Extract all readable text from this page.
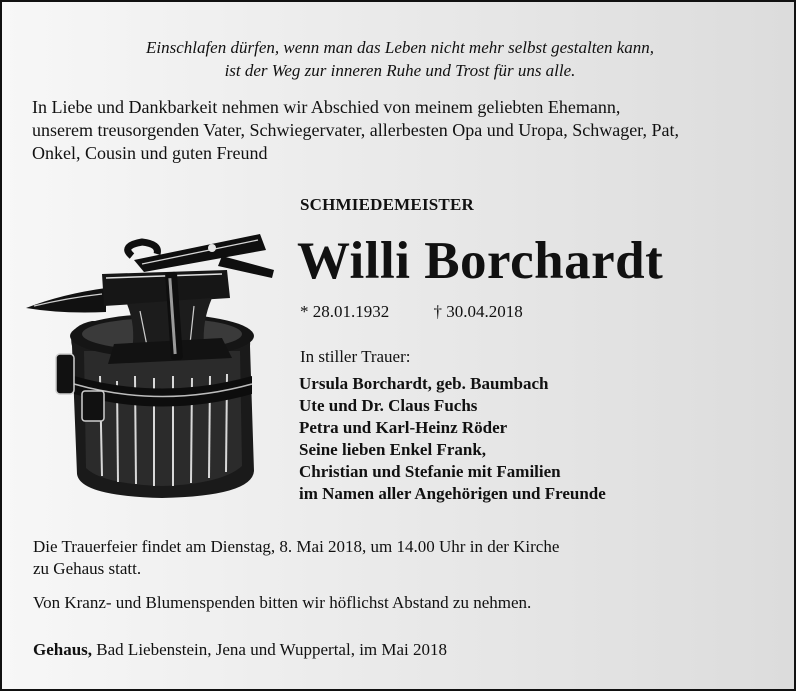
Einschlafen dürfen, wenn man das Leben nicht mehr selbst gestalten kann,
ist der Weg zur inneren Ruhe und Trost für uns alle.
In Liebe und Dankbarkeit nehmen wir Abschied von meinem geliebten Ehemann,
unserem treusorgenden Vater, Schwiegervater, allerbesten Opa und Uropa, Schwager, Pat,
Onkel, Cousin und guten Freund
SCHMIEDEMEISTER
Willi Borchardt
* 28.01.1932	† 30.04.2018
In stiller Trauer:
Ursula Borchardt, geb. Baumbach
Ute und Dr. Claus Fuchs
Petra und Karl-Heinz Röder
Seine lieben Enkel Frank,
Christian und Stefanie mit Familien
im Namen aller Angehörigen und Freunde
Die Trauerfeier findet am Dienstag, 8. Mai 2018, um 14.00 Uhr in der Kirche
zu Gehaus statt.
Von Kranz- und Blumenspenden bitten wir höflichst Abstand zu nehmen.
Gehaus, Bad Liebenstein, Jena und Wuppertal, im Mai 2018
